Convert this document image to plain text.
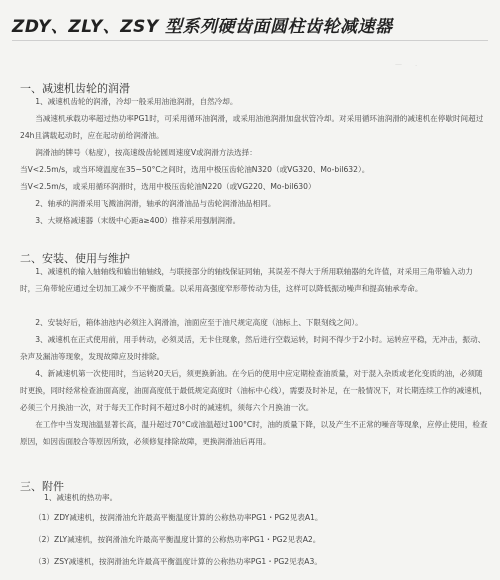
ZDY、ZLY、ZSY 型系列硬齿面圆柱齿轮减速器
— ·
一、减速机齿轮的润滑
1、减速机齿轮的润滑，冷却一般采用油池润滑，自然冷却。
当减速机承载功率超过热功率PG1时，可采用循环油润滑，或采用油池润滑加盘状管冷却。对采用循环油润滑的减速机在停歇时间超过24h且满载起动时，应在起动前给润滑油。
润滑油的牌号（粘度），按高速级齿轮圆周速度V或润滑方法选择：
当V<2.5m/s，或当环境温度在35~50°C之间时，选用中极压齿轮油N320（或VG320、Mo-bil632）。
当V<2.5m/s，或采用循环润滑时，选用中极压齿轮油N220（或VG220、Mo-bil630）
2、轴承的润滑采用飞溅油润滑，轴承的润滑油品与齿轮润滑油品相同。
3、大规格减速器（末级中心距a≥400）推荐采用强制润滑。
二、安装、使用与维护
1、减速机的输入轴轴线和输出轴轴线，与联接部分的轴线保证同轴，其误差不得大于所用联轴器的允许值，对采用三角带输入动力时，三角带轮应通过全切加工减少不平衡质量。以采用高强度窄形带传动为佳，这样可以降低振动噪声和提高轴承寿命。
2、安装好后，箱体油池内必须注入润滑油，油面应至于油尺规定高度（油标上、下限刻线之间）。
3、减速机在正式使用前，用手转动，必须灵活，无卡住现象，然后进行空载运转，时间不得少于2小时。运转应平稳，无冲击，振动、杂声及漏油等现象，发现故障应及时排除。
4、新减速机第一次使用时，当运转20天后，须更换新油。在今后的使用中应定期检查油质量，对于混入杂质或老化变质的油，必须随时更换，同时经常检查油面高度，油面高度低于最低规定高度时（油标中心线），需要及时补足，在一般情况下，对长期连续工作的减速机，必须三个月换油一次，对于每天工作时间不超过8小时的减速机，须每六个月换油一次。
在工作中当发现油温显著长高，温升超过70°C或油温超过100°C时，油的质量下降，以及产生不正常的噪音等现象，应停止使用，检查原因，如因齿面胶合等原因所致，必须修复排除故障，更换润滑油后再用。
三、附件
1、减速机的热功率。
（1）ZDY减速机，按润滑油允许最高平衡温度计算的公称热功率PG1・PG2见表A1。
（2）ZLY减速机，按润滑油允许最高平衡温度计算的公称热功率PG1・PG2见表A2。
（3）ZSY减速机，按润滑油允许最高平衡温度计算的公称热功率PG1・PG2见表A3。
